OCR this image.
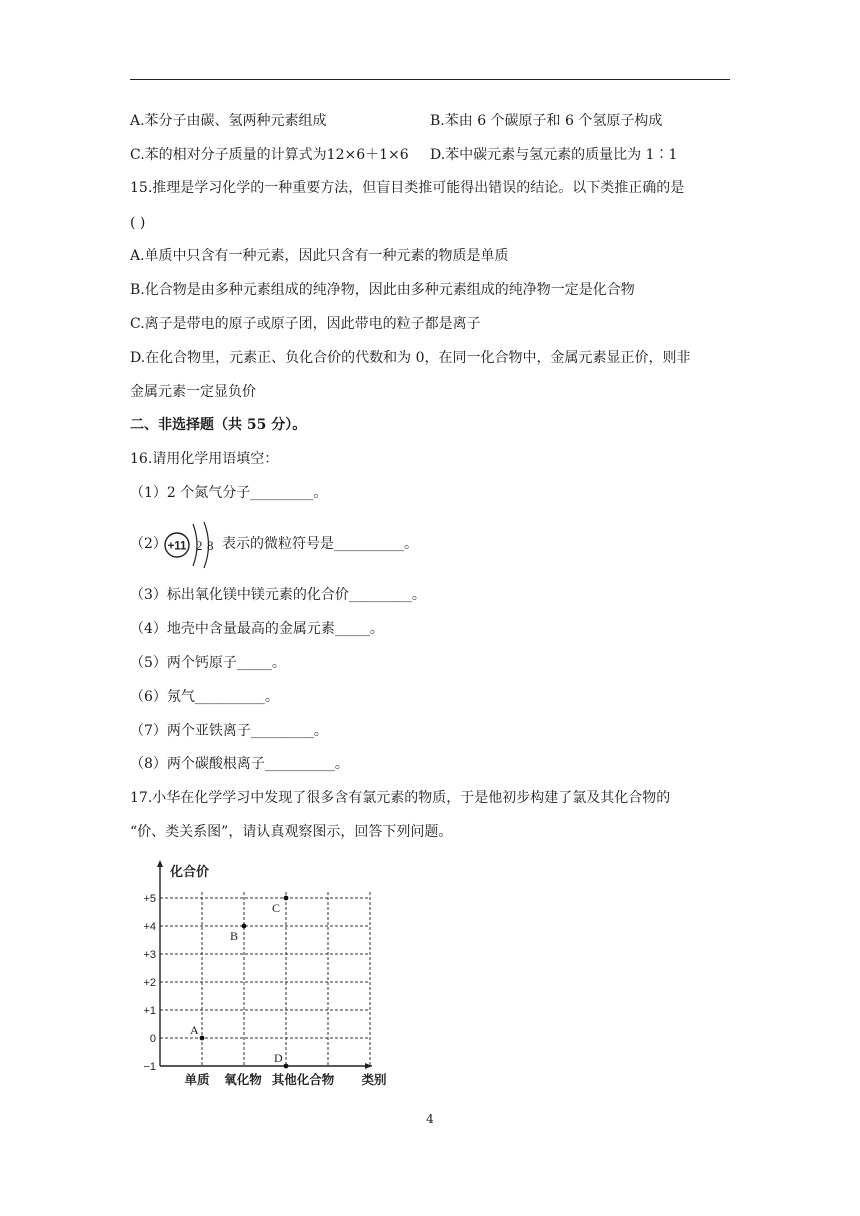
A.苯分子由碳、氢两种元素组成	B.苯由 6 个碳原子和 6 个氢原子构成
C.苯的相对分子质量的计算式为12×6＋1×6 D.苯中碳元素与氢元素的质量比为 1∶1
15.推理是学习化学的一种重要方法，但盲目类推可能得出错误的结论。以下类推正确的是
( )
A.单质中只含有一种元素，因此只含有一种元素的物质是单质
B.化合物是由多种元素组成的纯净物，因此由多种元素组成的纯净物一定是化合物
C.离子是带电的原子或原子团，因此带电的粒子都是离子
D.在化合物里，元素正、负化合价的代数和为 0，在同一化合物中，金属元素显正价，则非
金属元素一定显负价
二、非选择题（共 55 分）。
16.请用化学用语填空：
（1）2 个氮气分子_________。
（2） +11 2 8 表示的微粒符号是__________。
（3）标出氧化镁中镁元素的化合价_________。
（4）地壳中含量最高的金属元素_____。
（5）两个钙原子_____。
（6）氖气__________。
（7）两个亚铁离子_________。
（8）两个碳酸根离子__________。
17.小华在化学学习中发现了很多含有氯元素的物质，于是他初步构建了氯及其化合物的
“价、类关系图”，请认真观察图示，回答下列问题。
化合价
+5
+4
+3
+2
+1
0
−1
单质 氧化物 其他化合物 类别
A
B
C
D
4
